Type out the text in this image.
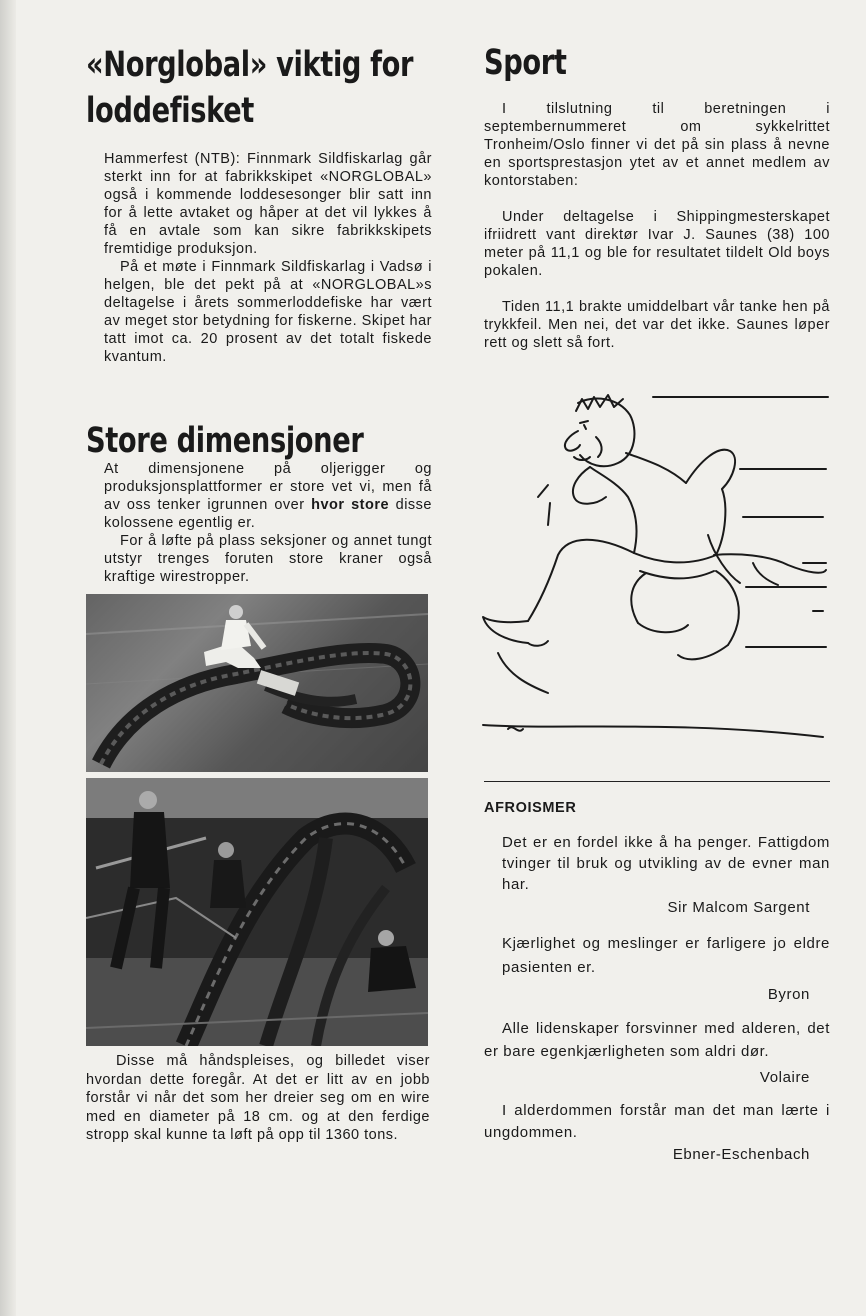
«Norglobal» viktig for

loddefisket

Hammerfest (NTB): Finnmark Sildfiskarlag går sterkt inn for at fabrikkskipet «NORGLOBAL» også i kommende loddesesonger blir satt inn for å lette avtaket og håper at det vil lykkes å få en avtale som kan sikre fabrikkskipets fremtidige produksjon.

På et møte i Finnmark Sildfiskarlag i Vadsø i helgen, ble det pekt på at «NORGLOBAL»s deltagelse i årets sommerloddefiske har vært av meget stor betydning for fiskerne. Skipet har tatt imot ca. 20 prosent av det totalt fiskede kvantum.

Store dimensjoner

At dimensjonene på oljerigger og produksjonsplattformer er store vet vi, men få av oss tenker igrunnen over hvor store disse kolossene egentlig er.

For å løfte på plass seksjoner og annet tungt utstyr trenges foruten store kraner også kraftige wirestropper.

Disse må håndspleises, og billedet viser hvordan dette foregår. At det er litt av en jobb forstår vi når det som her dreier seg om en wire med en diameter på 18 cm. og at den ferdige stropp skal kunne ta løft på opp til 1360 tons.

Sport

I tilslutning til beretningen i septembernummeret om sykkelrittet Tronheim/Oslo finner vi det på sin plass å nevne en sportsprestasjon ytet av et annet medlem av kontorstaben:

Under deltagelse i Shippingmesterskapet ifriidrett vant direktør Ivar J. Saunes (38) 100 meter på 11,1 og ble for resultatet tildelt Old boys pokalen.

Tiden 11,1 brakte umiddelbart vår tanke hen på trykkfeil. Men nei, det var det ikke. Saunes løper rett og slett så fort.

AFROISMER

Det er en fordel ikke å ha penger. Fattigdom tvinger til bruk og utvikling av de evner man har.

Sir Malcom Sargent

Kjærlighet og meslinger er farligere jo eldre pasienten er.

Byron

Alle lidenskaper forsvinner med alderen, det er bare egenkjærligheten som aldri dør.

Volaire

I alderdommen forstår man det man lærte i ungdommen.

Ebner-Eschenbach
